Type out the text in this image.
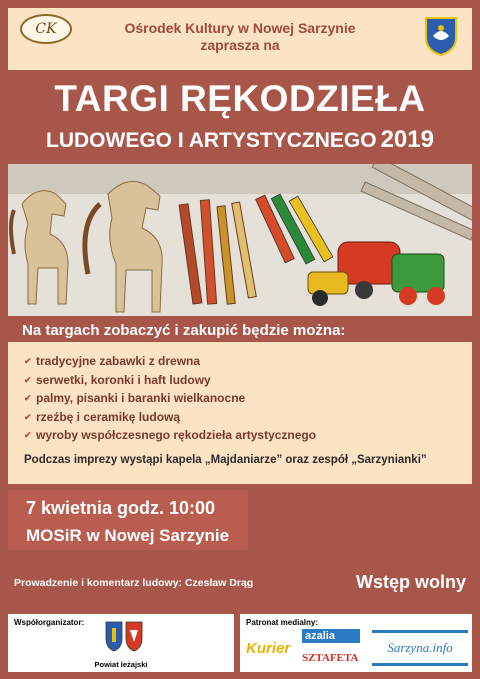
CK	Ośrodek Kultury w Nowej Sarzynie
zaprasza na
TARGI RĘKODZIEŁA
LUDOWEGO I ARTYSTYCZNEGO 2019
Na targach zobaczyć i zakupić będzie można:
✔ tradycyjne zabawki z drewna
✔ serwetki, koronki i haft ludowy
✔ palmy, pisanki i baranki wielkanocne
✔ rzeźbę i ceramikę ludową
✔ wyroby współczesnego rękodzieła artystycznego
Podczas imprezy wystąpi kapela „Majdaniarze” oraz zespół „Sarzynianki”
7 kwietnia godz. 10:00
MOSiR w Nowej Sarzynie
Prowadzenie i komentarz ludowy: Czesław Drąg	Wstęp wolny
Współorganizator:
Powiat leżajski
Patronat medialny:
Kurier
azalia
SZTAFETA
Sarzyna.info
